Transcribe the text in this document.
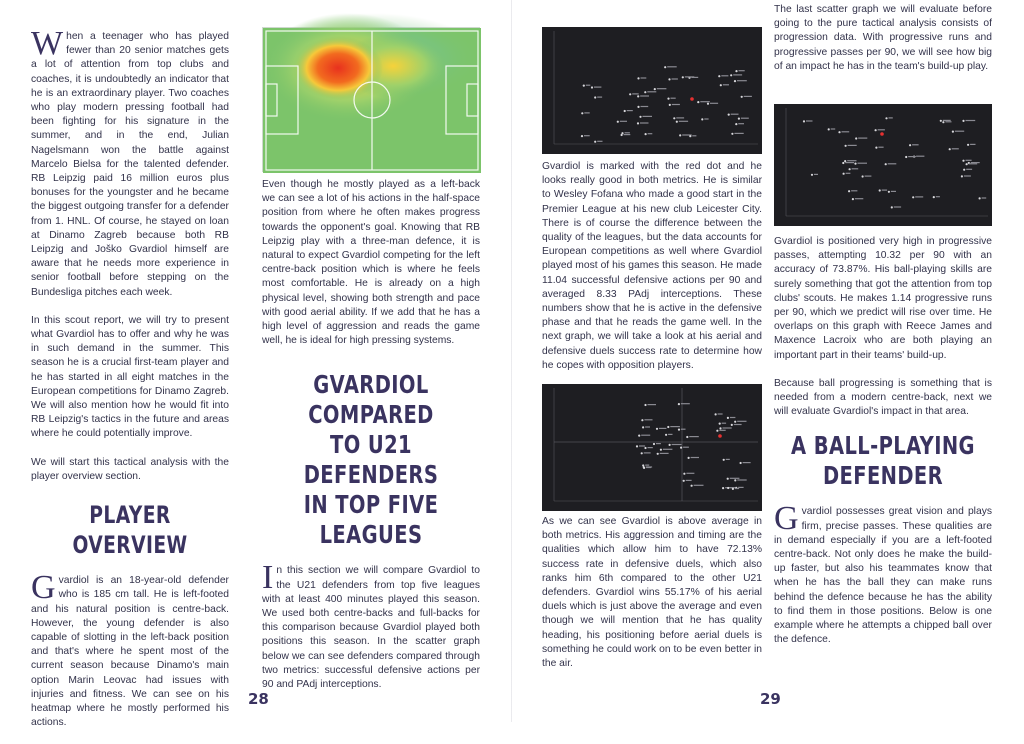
When a teenager who has played fewer than 20 senior matches gets a lot of attention from top clubs and coaches, it is undoubtedly an indicator that he is an extraordinary player. Two coaches who play modern pressing football had been fighting for his signature in the summer, and in the end, Julian Nagelsmann won the battle against Marcelo Bielsa for the talented defender. RB Leipzig paid 16 million euros plus bonuses for the youngster and he became the biggest outgoing transfer for a defender from 1. HNL. Of course, he stayed on loan at Dinamo Zagreb because both RB Leipzig and Joško Gvardiol himself are aware that he needs more experience in senior football before stepping on the Bundesliga pitches each week.

In this scout report, we will try to present what Gvardiol has to offer and why he was in such demand in the summer. This season he is a crucial first-team player and he has started in all eight matches in the European competitions for Dinamo Zagreb. We will also mention how he would fit into RB Leipzig's tactics in the future and areas where he could potentially improve.

We will start this tactical analysis with the player overview section.

PLAYER OVERVIEW

Gvardiol is an 18-year-old defender who is 185 cm tall. He is left-footed and his natural position is centre-back. However, the young defender is also capable of slotting in the left-back position and that's where he spent most of the current season because Dinamo's main option Marin Leovac had issues with injuries and fitness. We can see on his heatmap where he mostly performed his actions.

Even though he mostly played as a left-back we can see a lot of his actions in the half-space position from where he often makes progress towards the opponent's goal. Knowing that RB Leipzig play with a three-man defence, it is natural to expect Gvardiol competing for the left centre-back position which is where he feels most comfortable. He is already on a high physical level, showing both strength and pace with good aerial ability. If we add that he has a high level of aggression and reads the game well, he is ideal for high pressing systems.

GVARDIOL COMPARED
TO U21 DEFENDERS
IN TOP FIVE LEAGUES

In this section we will compare Gvardiol to the U21 defenders from top five leagues with at least 400 minutes played this season. We used both centre-backs and full-backs for this comparison because Gvardiol played both positions this season. In the scatter graph below we can see defenders compared through two metrics: successful defensive actions per 90 and PAdj interceptions.

28

Gvardiol is marked with the red dot and he looks really good in both metrics. He is similar to Wesley Fofana who made a good start in the Premier League at his new club Leicester City. There is of course the difference between the quality of the leagues, but the data accounts for European competitions as well where Gvardiol played most of his games this season. He made 11.04 successful defensive actions per 90 and averaged 8.33 PAdj interceptions. These numbers show that he is active in the defensive phase and that he reads the game well. In the next graph, we will take a look at his aerial and defensive duels success rate to determine how he copes with opposition players.

As we can see Gvardiol is above average in both metrics. His aggression and timing are the qualities which allow him to have 72.13% success rate in defensive duels, which also ranks him 6th compared to the other U21 defenders. Gvardiol wins 55.17% of his aerial duels which is just above the average and even though we will mention that he has quality heading, his positioning before aerial duels is something he could work on to be even better in the air.

The last scatter graph we will evaluate before going to the pure tactical analysis consists of progression data. With progressive runs and progressive passes per 90, we will see how big of an impact he has in the team's build-up play.

Gvardiol is positioned very high in progressive passes, attempting 10.32 per 90 with an accuracy of 73.87%. His ball-playing skills are surely something that got the attention from top clubs' scouts. He makes 1.14 progressive runs per 90, which we predict will rise over time. He overlaps on this graph with Reece James and Maxence Lacroix who are both playing an important part in their teams' build-up.

Because ball progressing is something that is needed from a modern centre-back, next we will evaluate Gvardiol's impact in that area.

A BALL-PLAYING
DEFENDER

Gvardiol possesses great vision and plays firm, precise passes. These qualities are in demand especially if you are a left-footed centre-back. Not only does he make the build-up faster, but also his teammates know that when he has the ball they can make runs behind the defence because he has the ability to find them in those positions. Below is one example where he attempts a chipped ball over the defence.

29
